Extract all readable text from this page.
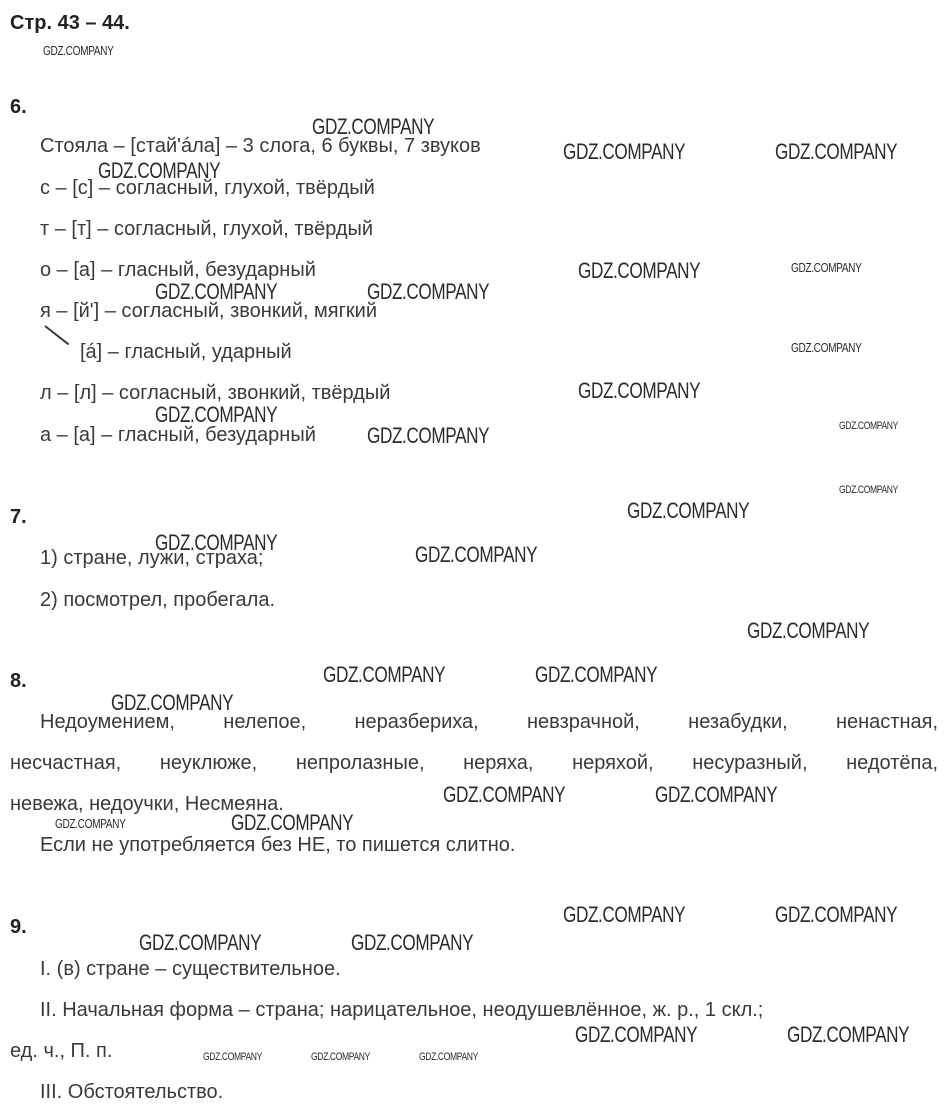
Стр. 43 – 44.
6.
Стояла – [стай'áла] – 3 слога, 6 буквы, 7 звуков
с – [с] – согласный, глухой, твёрдый
т – [т] – согласный, глухой, твёрдый
о – [а] – гласный, безударный
я – [й'] – согласный, звонкий, мягкий
[á] – гласный, ударный
л – [л] – согласный, звонкий, твёрдый
а – [а] – гласный, безударный
7.
1) стране, лужи, страха;
2) посмотрел, пробегала.
8.
Недоумением, нелепое, неразбериха, невзрачной, незабудки, ненастная,
несчастная, неуклюже, непролазные, неряха, неряхой, несуразный, недотёпа,
невежа, недоучки, Несмеяна.
Если не употребляется без НЕ, то пишется слитно.
9.
I. (в) стране – существительное.
II. Начальная форма – страна; нарицательное, неодушевлённое, ж. р., 1 скл.;
ед. ч., П. п.
III. Обстоятельство.
GDZ.COMPANY
GDZ.COMPANY
GDZ.COMPANY	GDZ.COMPANY
GDZ.COMPANY
GDZ.COMPANY	GDZ.COMPANY
GDZ.COMPANY	GDZ.COMPANY
GDZ.COMPANY
GDZ.COMPANY
GDZ.COMPANY	GDZ.COMPANY
GDZ.COMPANY
GDZ.COMPANY
GDZ.COMPANY
GDZ.COMPANY	GDZ.COMPANY
GDZ.COMPANY
GDZ.COMPANY	GDZ.COMPANY
GDZ.COMPANY
GDZ.COMPANY	GDZ.COMPANY
GDZ.COMPANY	GDZ.COMPANY
GDZ.COMPANY	GDZ.COMPANY
GDZ.COMPANY	GDZ.COMPANY
GDZ.COMPANY	GDZ.COMPANY
GDZ.COMPANY	GDZ.COMPANY	GDZ.COMPANY
